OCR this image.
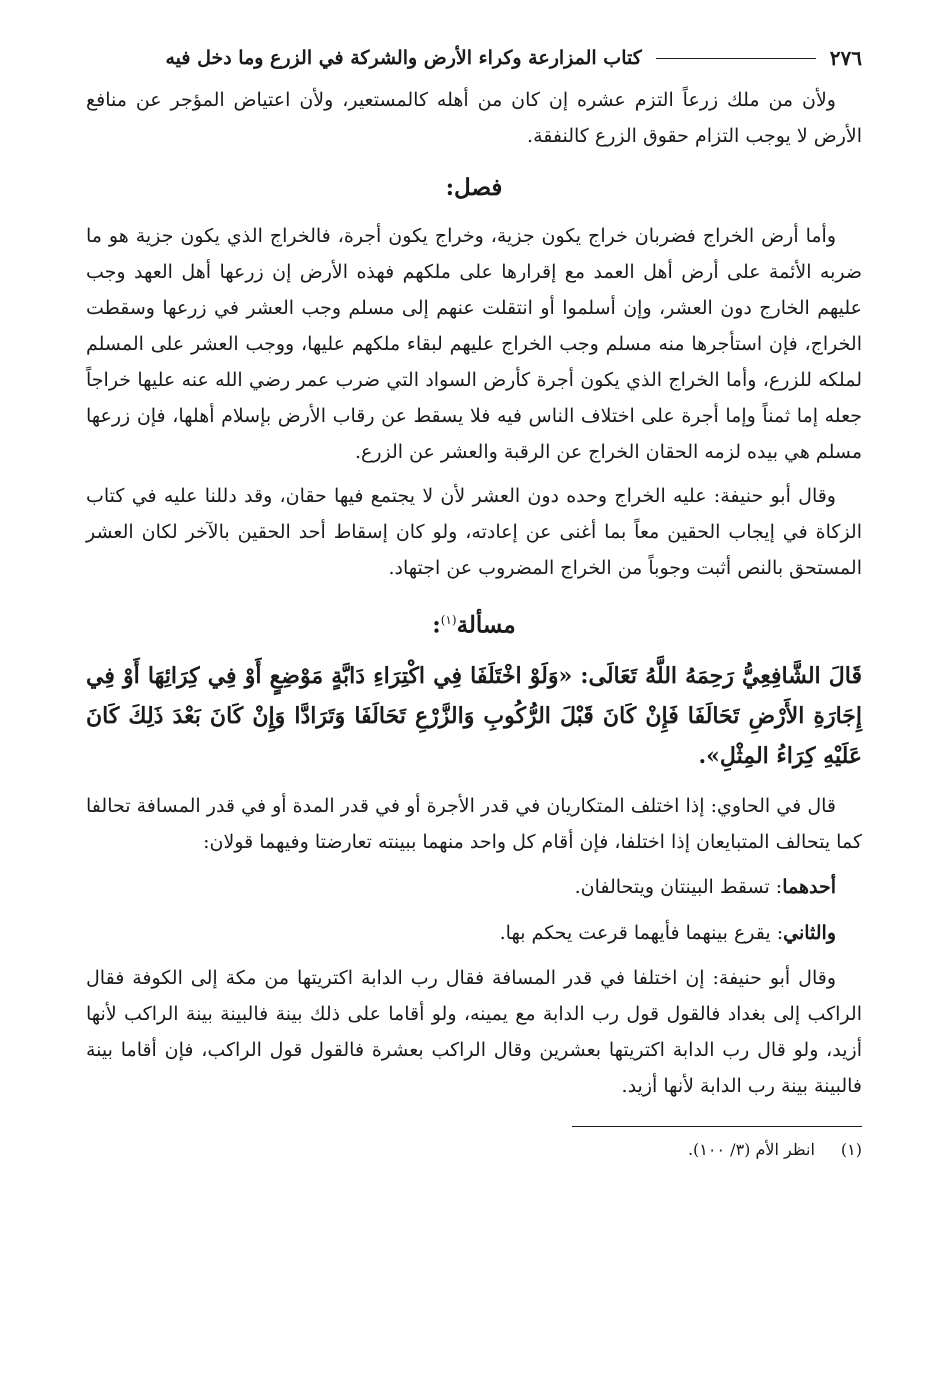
٢٧٦
كتاب المزارعة وكراء الأرض والشركة في الزرع وما دخل فيه

ولأن من ملك زرعاً التزم عشره إن كان من أهله كالمستعير، ولأن اعتياض المؤجر عن منافع الأرض لا يوجب التزام حقوق الزرع كالنفقة.

فصل:

وأما أرض الخراج فضربان خراج يكون جزية، وخراج يكون أجرة، فالخراج الذي يكون جزية هو ما ضربه الأئمة على أرض أهل العمد مع إقرارها على ملكهم فهذه الأرض إن زرعها أهل العهد وجب عليهم الخارج دون العشر، وإن أسلموا أو انتقلت عنهم إلى مسلم وجب العشر في زرعها وسقطت الخراج، فإن استأجرها منه مسلم وجب الخراج عليهم لبقاء ملكهم عليها، ووجب العشر على المسلم لملكه للزرع، وأما الخراج الذي يكون أجرة كأرض السواد التي ضرب عمر رضي الله عنه عليها خراجاً جعله إما ثمناً وإما أجرة على اختلاف الناس فيه فلا يسقط عن رقاب الأرض بإسلام أهلها، فإن زرعها مسلم هي بيده لزمه الحقان الخراج عن الرقبة والعشر عن الزرع.

وقال أبو حنيفة: عليه الخراج وحده دون العشر لأن لا يجتمع فيها حقان، وقد دللنا عليه في كتاب الزكاة في إيجاب الحقين معاً بما أغنى عن إعادته، ولو كان إسقاط أحد الحقين بالآخر لكان العشر المستحق بالنص أثبت وجوباً من الخراج المضروب عن اجتهاد.

مسألة$^{(١)}$:

قَالَ الشَّافِعِيُّ رَحِمَهُ اللَّهُ تَعَالَى: «وَلَوْ اخْتَلَفَا فِي اكْتِرَاءِ دَابَّةٍ مَوْضِعٍ أَوْ فِي كِرَائِهَا أَوْ فِي إِجَارَةِ الأَرْضِ تَحَالَفَا فَإِنْ كَانَ قَبْلَ الرُّكُوبِ وَالزَّرْعِ تَحَالَفَا وَتَرَادَّا وَإِنْ كَانَ بَعْدَ ذَلِكَ كَانَ عَلَيْهِ كِرَاءُ المِثْلِ».

قال في الحاوي: إذا اختلف المتكاريان في قدر الأجرة أو في قدر المدة أو في قدر المسافة تحالفا كما يتحالف المتبايعان إذا اختلفا، فإن أقام كل واحد منهما ببينته تعارضتا وفيهما قولان:

أحدهما: تسقط البينتان ويتحالفان.

والثاني: يقرع بينهما فأيهما قرعت يحكم بها.

وقال أبو حنيفة: إن اختلفا في قدر المسافة فقال رب الدابة اكتريتها من مكة إلى الكوفة فقال الراكب إلى بغداد فالقول قول رب الدابة مع يمينه، ولو أقاما على ذلك بينة فالبينة بينة الراكب لأنها أزيد، ولو قال رب الدابة اكتريتها بعشرين وقال الراكب بعشرة فالقول قول الراكب، فإن أقاما بينة فالبينة بينة رب الدابة لأنها أزيد.

(١)
انظر الأم (٣/ ١٠٠).
